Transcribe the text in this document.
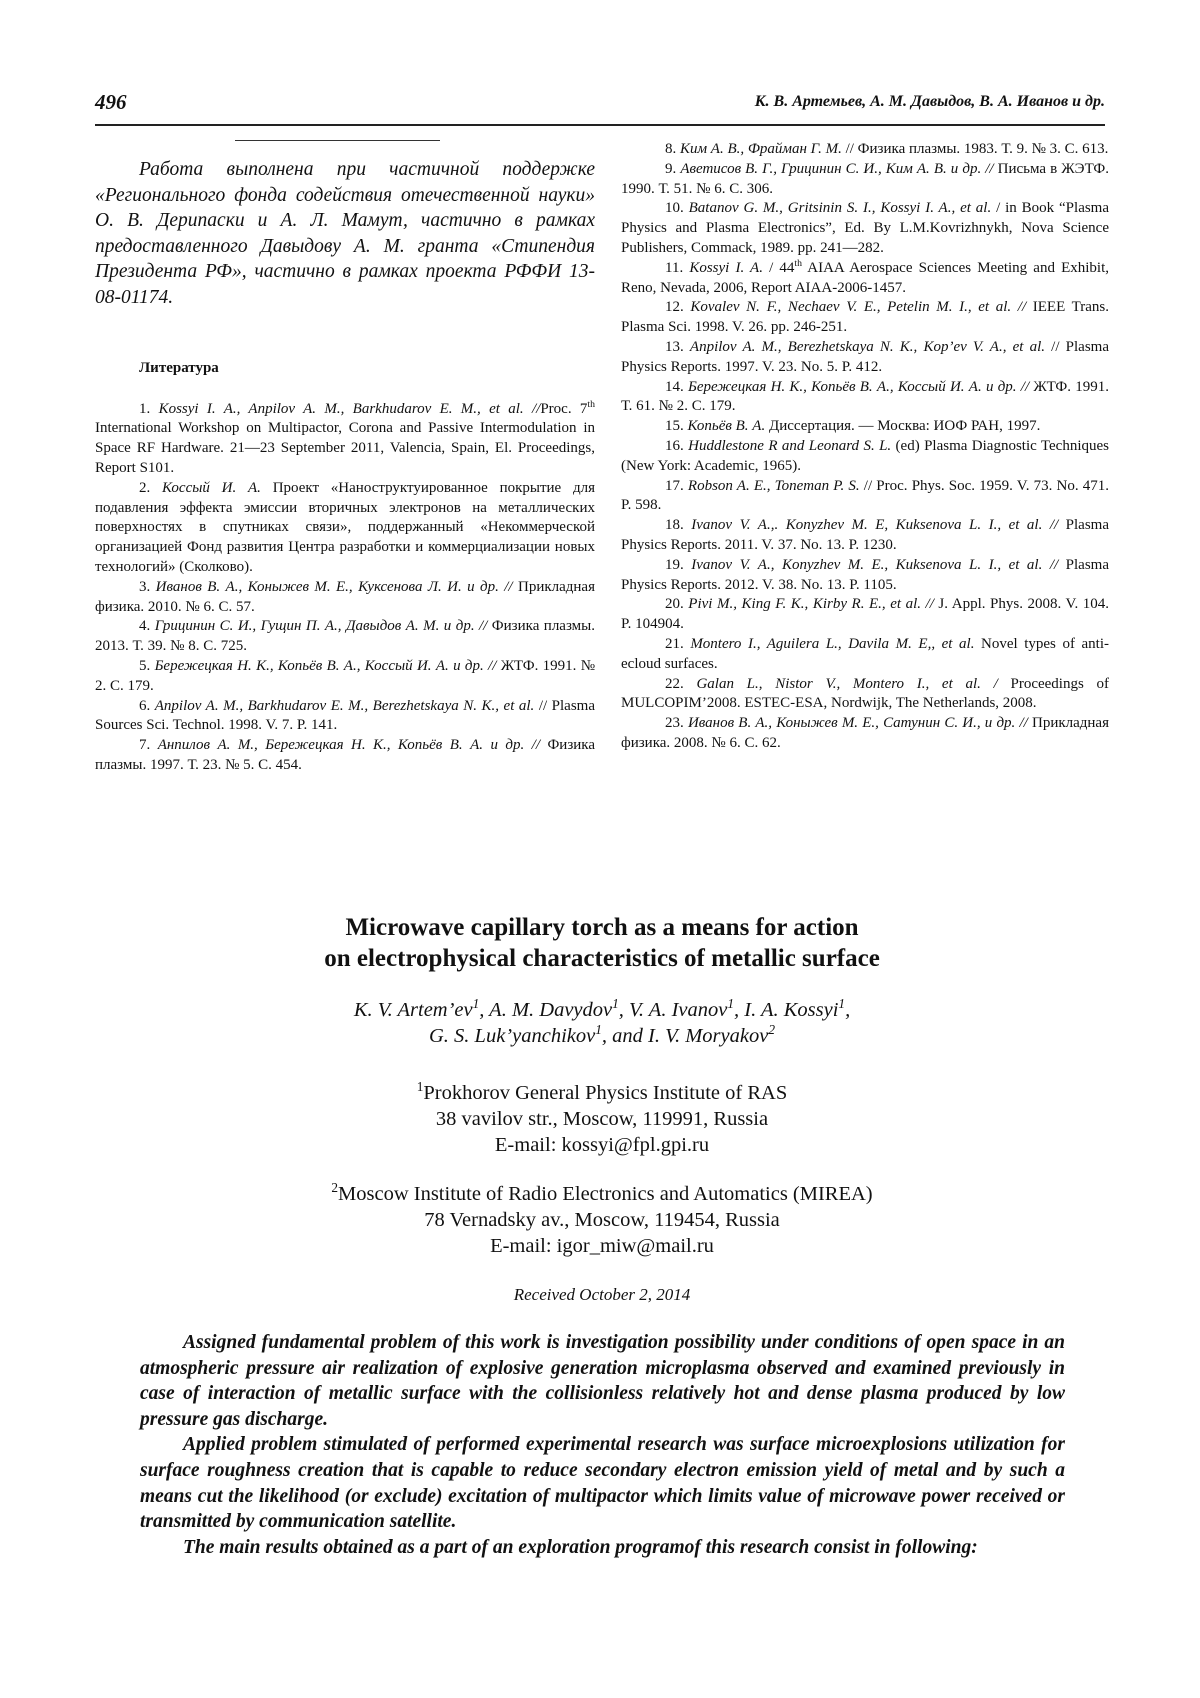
496	К. В. Артемьев, А. М. Давыдов, В. А. Иванов и др.

Работа выполнена при частичной поддержке «Регионального фонда содействия отечественной науки» О. В. Дерипаски и А. Л. Мамут, частично в рамках предоставленного Давыдову А. М. гранта «Стипендия Президента РФ», частично в рамках проекта РФФИ 13-08-01174.

Литература

1. Kossyi I. A., Anpilov A. M., Barkhudarov E. M., et al. //Proc. 7th International Workshop on Multipactor, Corona and Passive Intermodulation in Space RF Hardware. 21—23 September 2011, Valencia, Spain, El. Proceedings, Report S101.

2. Коссый И. А. Проект «Наноструктуированное покрытие для подавления эффекта эмиссии вторичных электронов на металлических поверхностях в спутниках связи», поддержанный «Некоммерческой организацией Фонд развития Центра разработки и коммерциализации новых технологий» (Сколково).

3. Иванов В. А., Коныжев М. Е., Куксенова Л. И. и др. // Прикладная физика. 2010. № 6. С. 57.

4. Грицинин С. И., Гущин П. А., Давыдов А. М. и др. // Физика плазмы. 2013. Т. 39. № 8. С. 725.

5. Бережецкая Н. К., Копьёв В. А., Коссый И. А. и др. // ЖТФ. 1991. № 2. С. 179.

6. Anpilov A. M., Barkhudarov E. M., Berezhetskaya N. K., et al. // Plasma Sources Sci. Technol. 1998. V. 7. P. 141.

7. Анпилов А. М., Бережецкая Н. К., Копьёв В. А. и др. // Физика плазмы. 1997. Т. 23. № 5. С. 454.

8. Ким А. В., Фрайман Г. М. // Физика плазмы. 1983. Т. 9. № 3. С. 613.

9. Аветисов В. Г., Грицинин С. И., Ким А. В. и др. // Письма в ЖЭТФ. 1990. Т. 51. № 6. С. 306.

10. Batanov G. M., Gritsinin S. I., Kossyi I. A., et al. / in Book “Plasma Physics and Plasma Electronics”, Ed. By L.M.Kovrizhnykh, Nova Science Publishers, Commack, 1989. pp. 241—282.

11. Kossyi I. A. / 44th AIAA Aerospace Sciences Meeting and Exhibit, Reno, Nevada, 2006, Report AIAA-2006-1457.

12. Kovalev N. F., Nechaev V. E., Petelin M. I., et al. // IEEE Trans. Plasma Sci. 1998. V. 26. pp. 246-251.

13. Anpilov A. M., Berezhetskaya N. K., Kop’ev V. A., et al. // Plasma Physics Reports. 1997. V. 23. No. 5. P. 412.

14. Бережецкая Н. К., Копьёв В. А., Коссый И. А. и др. // ЖТФ. 1991. Т. 61. № 2. С. 179.

15. Копьёв В. А. Диссертация. — Москва: ИОФ РАН, 1997.

16. Huddlestone R and Leonard S. L. (ed) Plasma Diagnostic Techniques (New York: Academic, 1965).

17. Robson A. E., Toneman P. S. // Proc. Phys. Soc. 1959. V. 73. No. 471. P. 598.

18. Ivanov V. A.,. Konyzhev M. E, Kuksenova L. I., et al. // Plasma Physics Reports. 2011. V. 37. No. 13. P. 1230.

19. Ivanov V. A., Konyzhev M. E., Kuksenova L. I., et al. // Plasma Physics Reports. 2012. V. 38. No. 13. P. 1105.

20. Pivi M., King F. K., Kirby R. E., et al. // J. Appl. Phys. 2008. V. 104. P. 104904.

21. Montero I., Aguilera L., Davila M. E,, et al. Novel types of anti-ecloud surfaces.

22. Galan L., Nistor V., Montero I., et al. / Proceedings of MULCOPIM’2008. ESTEC-ESA, Nordwijk, The Netherlands, 2008.

23. Иванов В. А., Коныжев М. Е., Сатунин С. И., и др. // Прикладная физика. 2008. № 6. С. 62.

Microwave capillary torch as a means for action
on electrophysical characteristics of metallic surface
K. V. $Artem’ev^1$, A. M. Davydov$^1$, V. A. Ivanov$^1$, I. A. Kossyi$^1$,
G. S. Luk’yanchikov$^1$, and I. V. Moryakov$^2$
$^1$Prokhorov General Physics Institute of RAS
38 vavilov str., Moscow, 119991, Russia
E-mail: kossyi@fpl.gpi.ru
$^2$Moscow Institute of Radio Electronics and Automatics (MIREA)
78 Vernadsky av., Moscow, 119454, Russia
E-mail: igor_miw@mail.ru
Received October 2, 2014

Assigned fundamental problem of this work is investigation possibility under conditions of open space in an atmospheric pressure air realization of explosive generation microplasma observed and examined previously in case of interaction of metallic surface with the collisionless relatively hot and dense plasma produced by low pressure gas discharge.

Applied problem stimulated of performed experimental research was surface microexplosions utilization for surface roughness creation that is capable to reduce secondary electron emission yield of metal and by such a means cut the likelihood (or exclude) excitation of multipactor which limits value of microwave power received or transmitted by communication satellite.

The main results obtained as a part of an exploration programof this research consist in following:
